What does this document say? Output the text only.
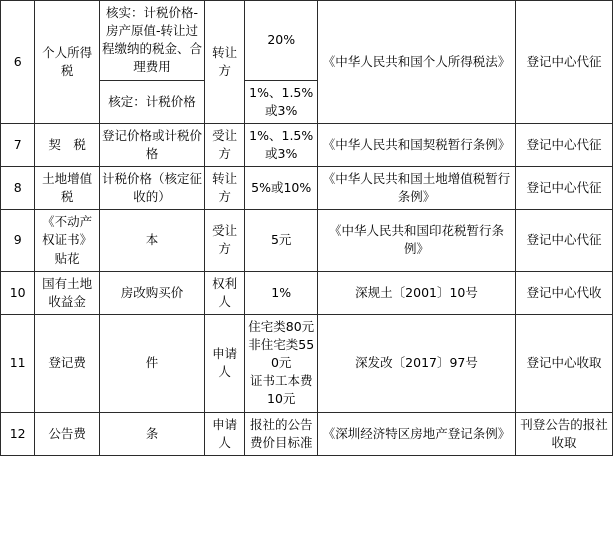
6	个人所得税	核实：计税价格-房产原值-转让过程缴纳的税金、合理费用	转让方	20%	《中华人民共和国个人所得税法》	登记中心代征
		核定：计税价格		1%、1.5%或3%		
7	契　税	登记价格或计税价格	受让方	1%、1.5%或3%	《中华人民共和国契税暂行条例》	登记中心代征
8	土地增值税	计税价格（核定征收的）	转让方	5%或10%	《中华人民共和国土地增值税暂行条例》	登记中心代征
9	《不动产权证书》贴花	本	受让方	5元	《中华人民共和国印花税暂行条例》	登记中心代征
10	国有土地收益金	房改购买价	权利人	1%	深规土〔2001〕10号	登记中心代收
11	登记费	件	申请人	住宅类80元
非住宅类550元
证书工本费10元	深发改〔2017〕97号	登记中心收取
12	公告费	条	申请人	报社的公告费价目标准	《深圳经济特区房地产登记条例》	刊登公告的报社收取
